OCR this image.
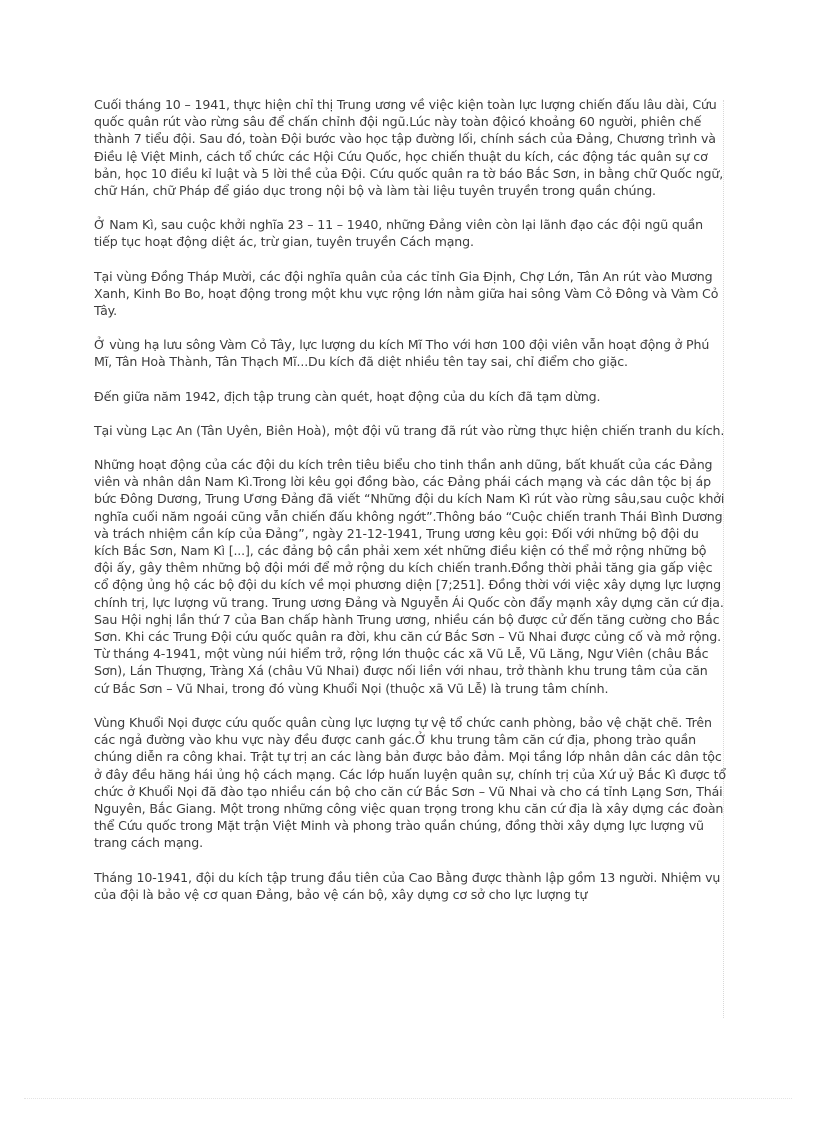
Cuối tháng 10 – 1941, thực hiện chỉ thị Trung ương về việc kiện toàn lực lượng chiến đấu lâu dài, Cứu quốc quân rút vào rừng sâu để chấn chỉnh đội ngũ.Lúc này toàn độicó khoảng 60 người, phiên chế thành 7 tiểu đội. Sau đó, toàn Đội bước vào học tập đường lối, chính sách của Đảng, Chương trình và Điều lệ Việt Minh, cách tổ chức các Hội Cứu Quốc, học chiến thuật du kích, các động tác quân sự cơ bản, học 10 điều kỉ luật và 5 lời thề của Đội. Cứu quốc quân ra tờ báo Bắc Sơn, in bằng chữ Quốc ngữ, chữ Hán, chữ Pháp để giáo dục trong nội bộ và làm tài liệu tuyên truyền trong quần chúng.

Ở Nam Kì, sau cuộc khởi nghĩa 23 – 11 – 1940, những Đảng viên còn lại lãnh đạo các đội ngũ quần tiếp tục hoạt động diệt ác, trừ gian, tuyên truyền Cách mạng.

Tại vùng Đồng Tháp Mười, các đội nghĩa quân của các tỉnh Gia Định, Chợ Lớn, Tân An rút vào Mương Xanh, Kinh Bo Bo, hoạt động trong một khu vực rộng lớn nằm giữa hai sông Vàm Cỏ Đông và Vàm Cỏ Tây.

Ở vùng hạ lưu sông Vàm Cỏ Tây, lực lượng du kích Mĩ Tho với hơn 100 đội viên vẫn hoạt động ở Phú Mĩ, Tân Hoà Thành, Tân Thạch Mĩ...Du kích đã diệt nhiều tên tay sai, chỉ điểm cho giặc.

Đến giữa năm 1942, địch tập trung càn quét, hoạt động của du kích đã tạm dừng.

Tại vùng Lạc An (Tân Uyên, Biên Hoà), một đội vũ trang đã rút vào rừng thực hiện chiến tranh du kích.

Những hoạt động của các đội du kích trên tiêu biểu cho tinh thần anh dũng, bất khuất của các Đảng viên và nhân dân Nam Kì.Trong lời kêu gọi đồng bào, các Đảng phái cách mạng và các dân tộc bị áp bức Đông Dương, Trung Ương Đảng đã viết “Những đội du kích Nam Kì rút vào rừng sâu,sau cuộc khởi nghĩa cuối năm ngoái cũng vẫn chiến đấu không ngớt”.Thông báo “Cuộc chiến tranh Thái Bình Dương và trách nhiệm cần kíp của Đảng”, ngày 21-12-1941, Trung ương kêu gọi: Đối với những bộ đội du kích Bắc Sơn, Nam Kì [...], các đảng bộ cần phải xem xét những điều kiện có thể mở rộng những bộ đội ấy, gây thêm những bộ đội mới để mở rộng du kích chiến tranh.Đồng thời phải tăng gia gấp việc cổ động ủng hộ các bộ đội du kích về mọi phương diện [7;251]. Đồng thời với việc xây dựng lực lượng chính trị, lực lượng vũ trang. Trung ương Đảng và Nguyễn Ái Quốc còn đẩy mạnh xây dựng căn cứ địa. Sau Hội nghị lần thứ 7 của Ban chấp hành Trung ương, nhiều cán bộ được cử đến tăng cường cho Bắc Sơn. Khi các Trung Đội cứu quốc quân ra đời, khu căn cứ Bắc Sơn – Vũ Nhai được củng cố và mở rộng. Từ tháng 4-1941, một vùng núi hiểm trở, rộng lớn thuộc các xã Vũ Lễ, Vũ Lăng, Ngư Viên (châu Bắc Sơn), Lán Thượng, Tràng Xá (châu Vũ Nhai) được nối liền với nhau, trở thành khu trung tâm của căn cứ Bắc Sơn – Vũ Nhai, trong đó vùng Khuổi Nọi (thuộc xã Vũ Lễ) là trung tâm chính.

Vùng Khuổi Nọi được cứu quốc quân cùng lực lượng tự vệ tổ chức canh phòng, bảo vệ chặt chẽ. Trên các ngả đường vào khu vực này đều được canh gác.Ở khu trung tâm căn cứ địa, phong trào quần chúng diễn ra công khai. Trật tự trị an các làng bản được bảo đảm. Mọi tầng lớp nhân dân các dân tộc ở đây đều hăng hái ủng hộ cách mạng. Các lớp huấn luyện quân sự, chính trị của Xứ uỷ Bắc Kì được tổ chức ở Khuổi Nọi đã đào tạo nhiều cán bộ cho căn cứ Bắc Sơn – Vũ Nhai và cho cá tỉnh Lạng Sơn, Thái Nguyên, Bắc Giang. Một trong những công việc quan trọng trong khu căn cứ địa là xây dựng các đoàn thể Cứu quốc trong Mặt trận Việt Minh và phong trào quần chúng, đồng thời xây dựng lực lượng vũ trang cách mạng.

Tháng 10-1941, đội du kích tập trung đầu tiên của Cao Bằng được thành lập gồm 13 người. Nhiệm vụ của đội là bảo vệ cơ quan Đảng, bảo vệ cán bộ, xây dựng cơ sở cho lực lượng tự
